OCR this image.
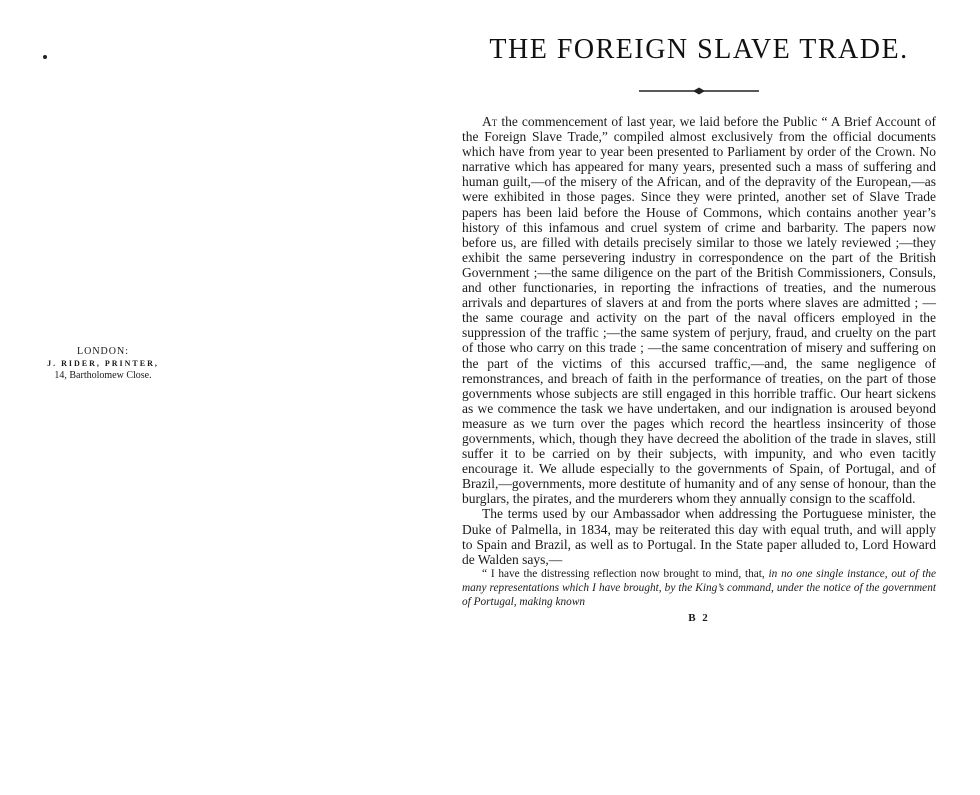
LONDON:
J. RIDER, PRINTER,
14, Bartholomew Close.
THE FOREIGN SLAVE TRADE.

At the commencement of last year, we laid before the Public “ A Brief Account of the Foreign Slave Trade,” compiled almost exclusively from the official documents which have from year to year been presented to Parliament by order of the Crown. No narrative which has appeared for many years, presented such a mass of suffering and human guilt,—of the misery of the African, and of the depravity of the European,—as were exhibited in those pages. Since they were printed, another set of Slave Trade papers has been laid before the House of Commons, which contains another year’s history of this infamous and cruel system of crime and barbarity. The papers now before us, are filled with details precisely similar to those we lately reviewed ;—they exhibit the same persevering industry in correspondence on the part of the British Government ;—the same diligence on the part of the British Commissioners, Consuls, and other functionaries, in reporting the infractions of treaties, and the numerous arrivals and departures of slavers at and from the ports where slaves are admitted ; —the same courage and activity on the part of the naval officers employed in the suppression of the traffic ;—the same system of perjury, fraud, and cruelty on the part of those who carry on this trade ; —the same concentration of misery and suffering on the part of the victims of this accursed traffic,—and, the same negligence of remonstrances, and breach of faith in the performance of treaties, on the part of those governments whose subjects are still engaged in this horrible traffic. Our heart sickens as we commence the task we have undertaken, and our indignation is aroused beyond measure as we turn over the pages which record the heartless insincerity of those governments, which, though they have decreed the abolition of the trade in slaves, still suffer it to be carried on by their subjects, with impunity, and who even tacitly encourage it. We allude especially to the governments of Spain, of Portugal, and of Brazil,—governments, more destitute of humanity and of any sense of honour, than the burglars, the pirates, and the murderers whom they annually consign to the scaffold.

The terms used by our Ambassador when addressing the Portuguese minister, the Duke of Palmella, in 1834, may be reiterated this day with equal truth, and will apply to Spain and Brazil, as well as to Portugal. In the State paper alluded to, Lord Howard de Walden says,—

“ I have the distressing reflection now brought to mind, that, in no one single instance, out of the many representations which I have brought, by the King’s command, under the notice of the government of Portugal, making known

B 2
